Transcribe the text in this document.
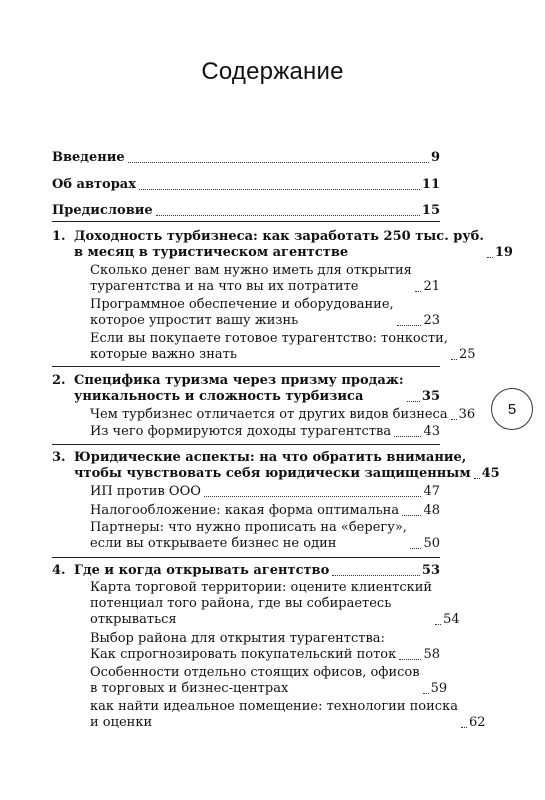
Содержание
Введение	9
Об авторах	11
Предисловие	15
1. Доходность турбизнеса: как заработать 250 тыс. руб.
в месяц в туристическом агентстве	19
Сколько денег вам нужно иметь для открытия
турагентства и на что вы их потратите	21
Программное обеспечение и оборудование,
которое упростит вашу жизнь	23
Если вы покупаете готовое турагентство: тонкости,
которые важно знать	25
2. Специфика туризма через призму продаж:
уникальность и сложность турбизиса	35
Чем турбизнес отличается от других видов бизнеса 36
Из чего формируются доходы турагентства 43
3. Юридические аспекты: на что обратить внимание,
чтобы чувствовать себя юридически защищенным 45
ИП против ООО	47
Налогообложение: какая форма оптимальна 48
Партнеры: что нужно прописать на «берегу»,
если вы открываете бизнес не один	50
4. Где и когда открывать агентство	53
Карта торговой территории: оцените клиентский
потенциал того района, где вы собираетесь
открываться	54
Выбор района для открытия турагентства:
Как спрогнозировать покупательский поток 58
Особенности отдельно стоящих офисов, офисов
в торговых и бизнес-центрах	59
как найти идеальное помещение: технологии поиска
и оценки	62
5
